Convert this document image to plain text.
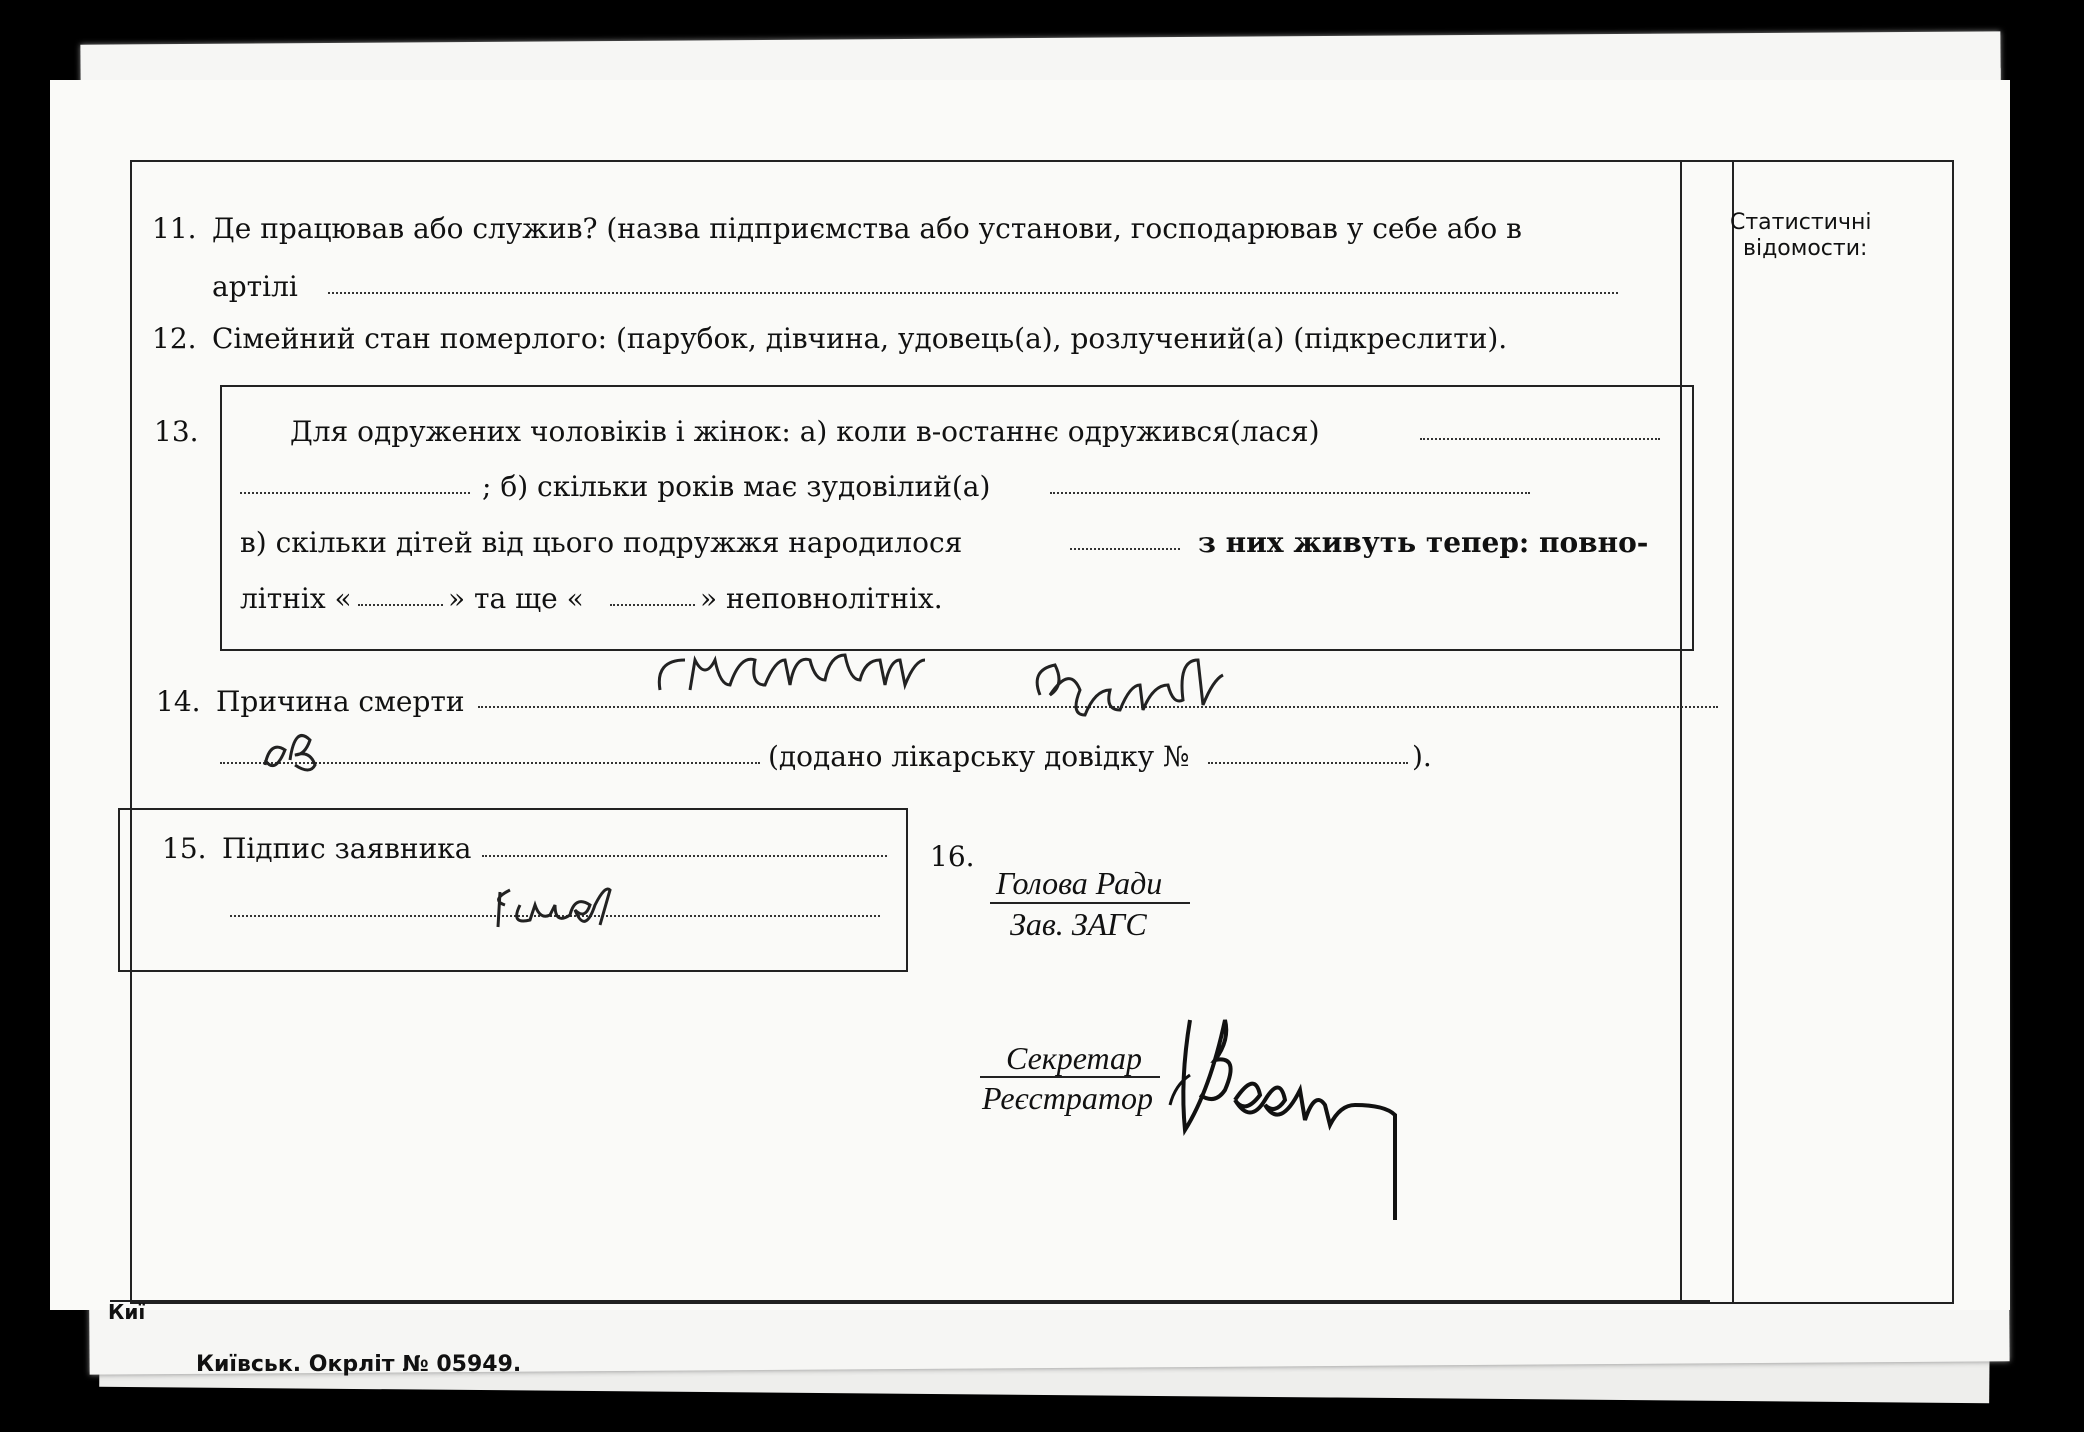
Статистичні
відомости:
11. Де працював або служив? (назва підприємства або установи, господарював у себе або в
артілі
12. Сімейний стан померлого: (парубок, дівчина, удовець(а), розлучений(а) (підкреслити).
13.	Для одружених чоловіків і жінок: а) коли в-останнє одружився(лася)
; б) скільки років має зудовілий(а)
в) скільки дітей від цього подружжя народилося	з них живуть тепер: повно-
літніх «	» та ще «	» неповнолітніх.
14. Причина смерти
(додано лікарську довідку №	).
15. Підпис заявника	16.
Голова Ради
Зав. ЗАГС
Секретар
Реєстратор
Киї
Київськ. Окрліт № 05949.
